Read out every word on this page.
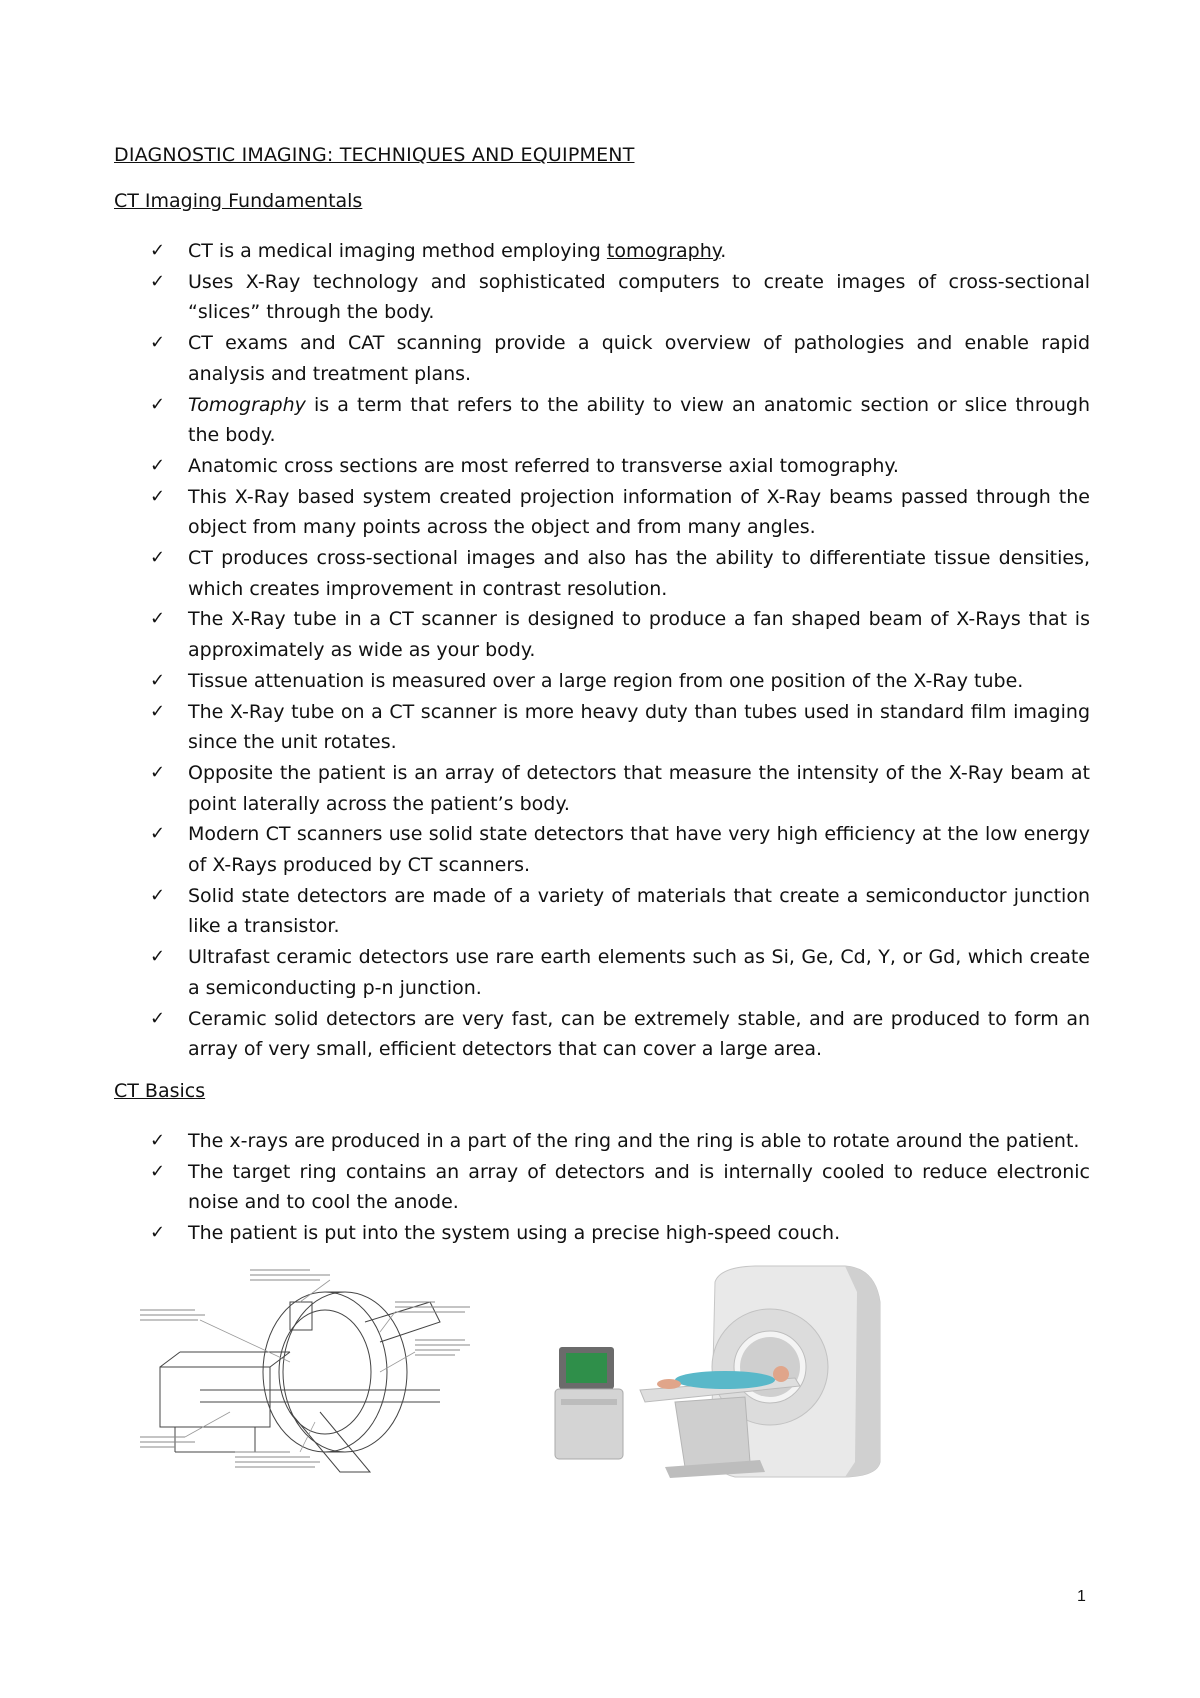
DIAGNOSTIC IMAGING: TECHNIQUES AND EQUIPMENT
CT Imaging Fundamentals
✓ CT is a medical imaging method employing tomography.
✓ Uses X-Ray technology and sophisticated computers to create images of cross-sectional “slices” through the body.
✓ CT exams and CAT scanning provide a quick overview of pathologies and enable rapid analysis and treatment plans.
✓ Tomography is a term that refers to the ability to view an anatomic section or slice through the body.
✓ Anatomic cross sections are most referred to transverse axial tomography.
✓ This X-Ray based system created projection information of X-Ray beams passed through the object from many points across the object and from many angles.
✓ CT produces cross-sectional images and also has the ability to differentiate tissue densities, which creates improvement in contrast resolution.
✓ The X-Ray tube in a CT scanner is designed to produce a fan shaped beam of X-Rays that is approximately as wide as your body.
✓ Tissue attenuation is measured over a large region from one position of the X-Ray tube.
✓ The X-Ray tube on a CT scanner is more heavy duty than tubes used in standard film imaging since the unit rotates.
✓ Opposite the patient is an array of detectors that measure the intensity of the X-Ray beam at point laterally across the patient’s body.
✓ Modern CT scanners use solid state detectors that have very high efficiency at the low energy of X-Rays produced by CT scanners.
✓ Solid state detectors are made of a variety of materials that create a semiconductor junction like a transistor.
✓ Ultrafast ceramic detectors use rare earth elements such as Si, Ge, Cd, Y, or Gd, which create a semiconducting p-n junction.
✓ Ceramic solid detectors are very fast, can be extremely stable, and are produced to form an array of very small, efficient detectors that can cover a large area.
CT Basics
✓ The x-rays are produced in a part of the ring and the ring is able to rotate around the patient.
✓ The target ring contains an array of detectors and is internally cooled to reduce electronic noise and to cool the anode.
✓ The patient is put into the system using a precise high-speed couch.
1
